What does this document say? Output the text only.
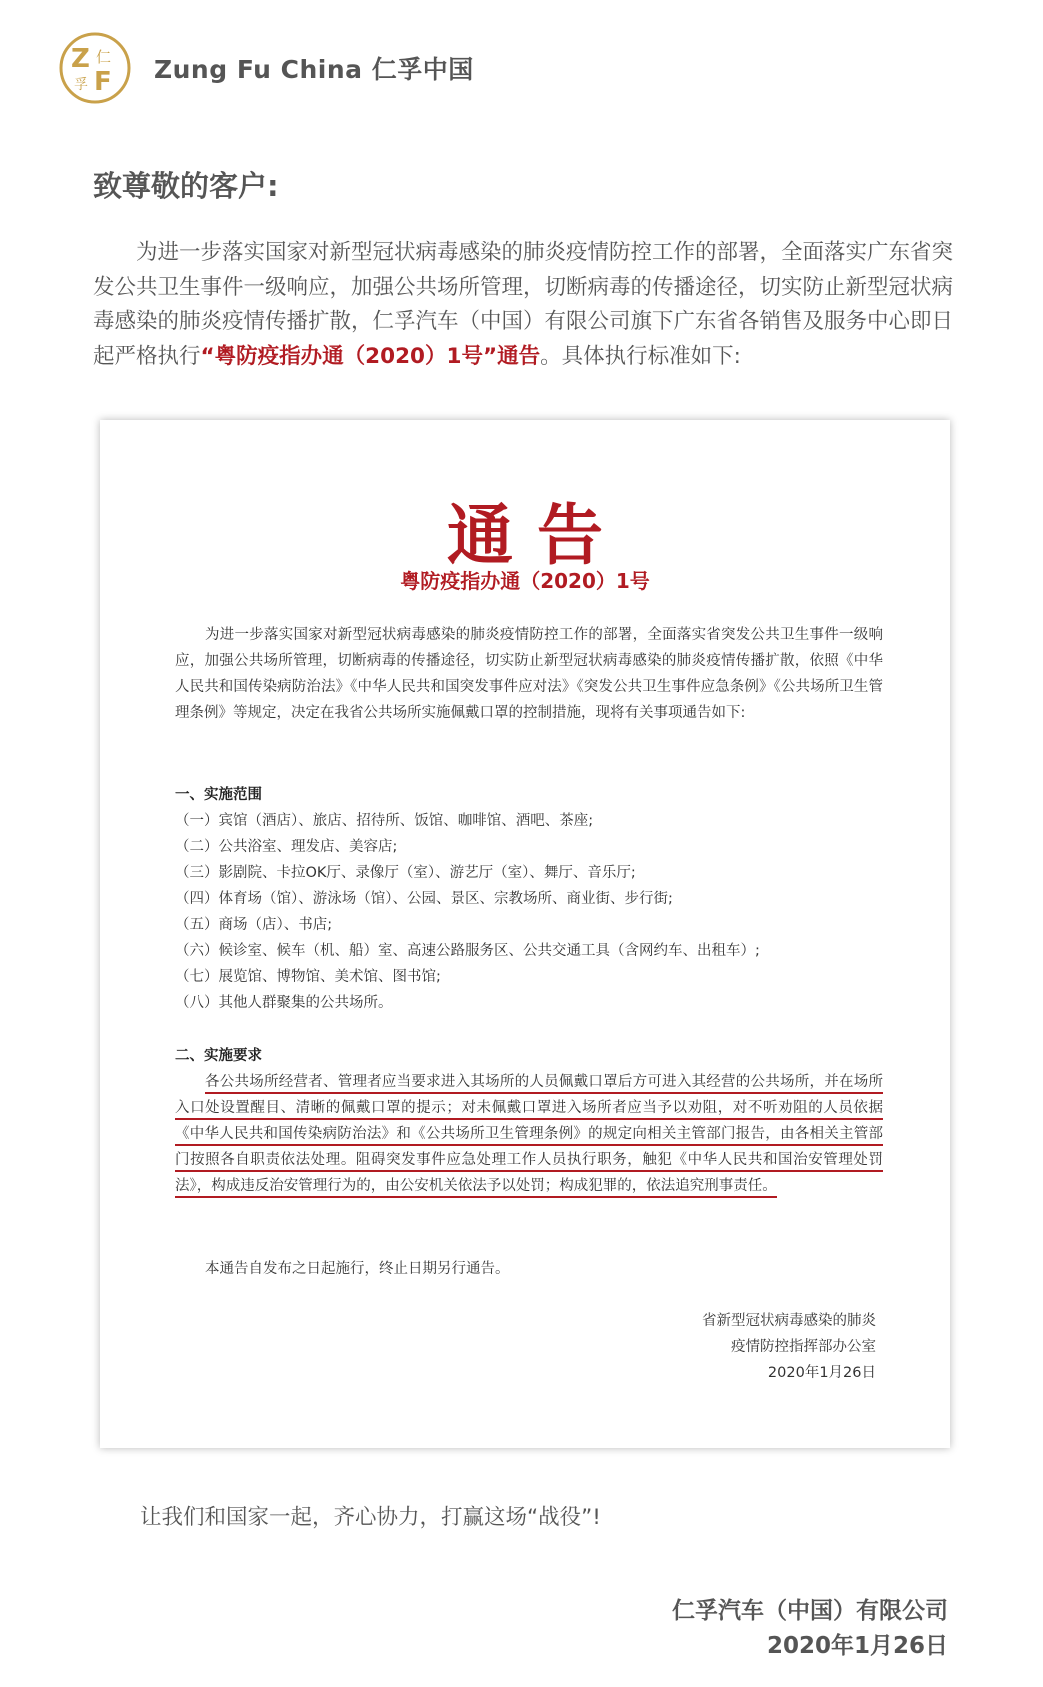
Z
F
仁
孚
Zung Fu China 仁孚中国
致尊敬的客户:
为进一步落实国家对新型冠状病毒感染的肺炎疫情防控工作的部署，全面落实广东省突发公共卫生事件一级响应，加强公共场所管理，切断病毒的传播途径，切实防止新型冠状病毒感染的肺炎疫情传播扩散，仁孚汽车（中国）有限公司旗下广东省各销售及服务中心即日起严格执行“粤防疫指办通（2020）1号”通告。具体执行标准如下:
通告
粤防疫指办通（2020）1号
为进一步落实国家对新型冠状病毒感染的肺炎疫情防控工作的部署，全面落实省突发公共卫生事件一级响应，加强公共场所管理，切断病毒的传播途径，切实防止新型冠状病毒感染的肺炎疫情传播扩散，依照《中华人民共和国传染病防治法》《中华人民共和国突发事件应对法》《突发公共卫生事件应急条例》《公共场所卫生管理条例》等规定，决定在我省公共场所实施佩戴口罩的控制措施，现将有关事项通告如下:
一、实施范围
（一）宾馆（酒店）、旅店、招待所、饭馆、咖啡馆、酒吧、茶座;
（二）公共浴室、理发店、美容店;
（三）影剧院、卡拉OK厅、录像厅（室）、游艺厅（室）、舞厅、音乐厅;
（四）体育场（馆）、游泳场（馆）、公园、景区、宗教场所、商业街、步行街;
（五）商场（店）、书店;
（六）候诊室、候车（机、船）室、高速公路服务区、公共交通工具（含网约车、出租车）;
（七）展览馆、博物馆、美术馆、图书馆;
（八）其他人群聚集的公共场所。
二、实施要求
各公共场所经营者、管理者应当要求进入其场所的人员佩戴口罩后方可进入其经营的公共场所，并在场所入口处设置醒目、清晰的佩戴口罩的提示；对未佩戴口罩进入场所者应当予以劝阻，对不听劝阻的人员依据《中华人民共和国传染病防治法》和《公共场所卫生管理条例》的规定向相关主管部门报告，由各相关主管部门按照各自职责依法处理。阻碍突发事件应急处理工作人员执行职务，触犯《中华人民共和国治安管理处罚法》，构成违反治安管理行为的，由公安机关依法予以处罚；构成犯罪的，依法追究刑事责任。
本通告自发布之日起施行，终止日期另行通告。
省新型冠状病毒感染的肺炎
疫情防控指挥部办公室
2020年1月26日
让我们和国家一起，齐心协力，打赢这场“战役”!
仁孚汽车（中国）有限公司
2020年1月26日
